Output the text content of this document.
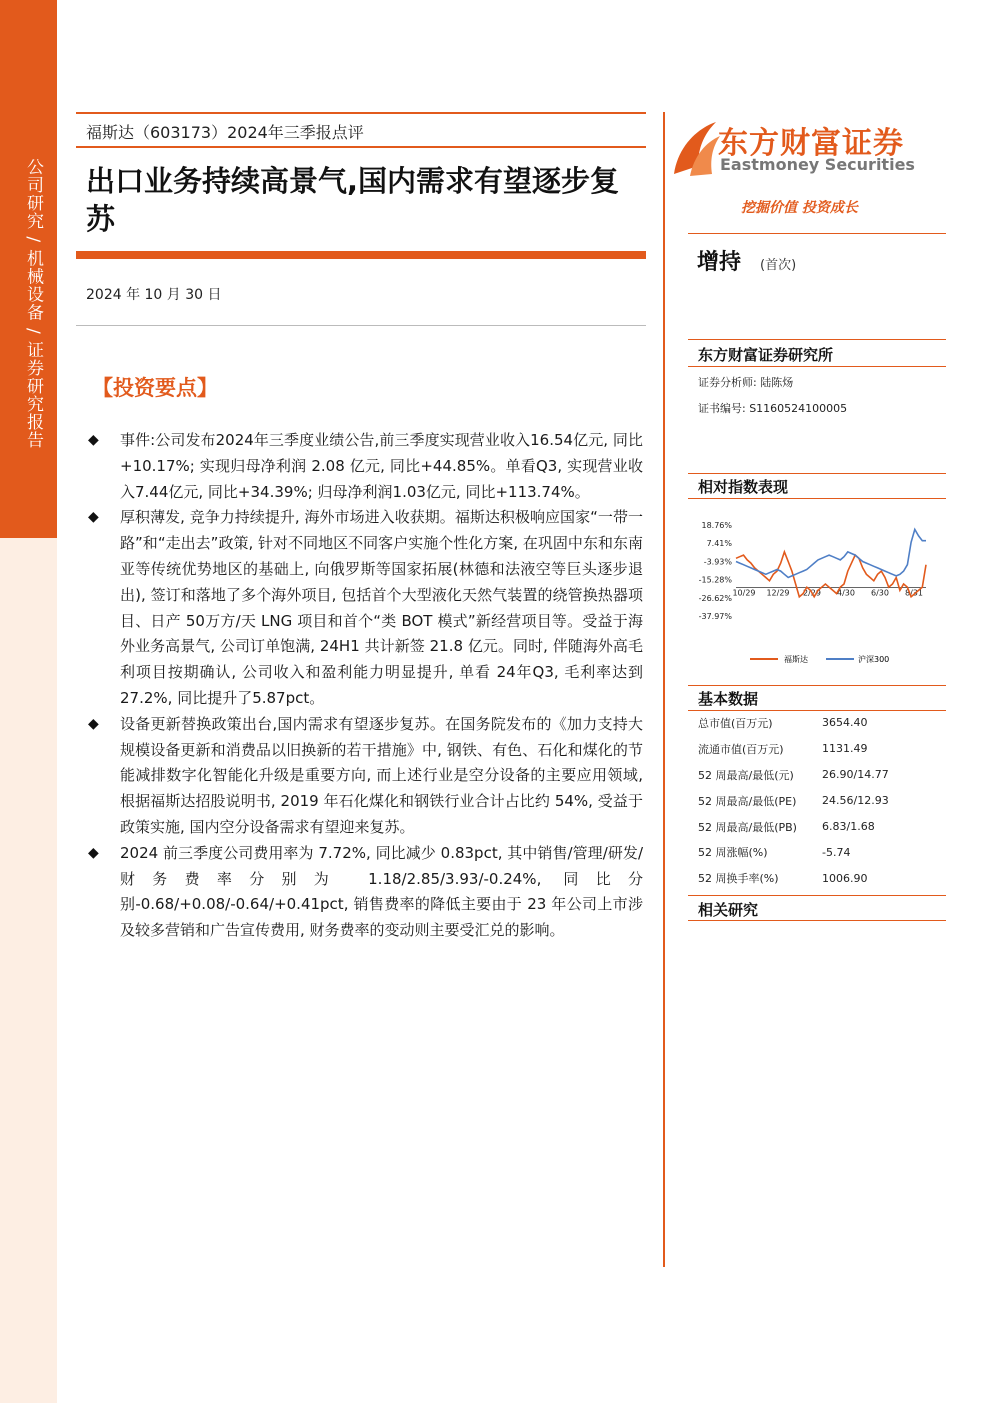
公司研究 / 机械设备 / 证券研究报告
福斯达（603173）2024年三季报点评
出口业务持续高景气,国内需求有望逐步复苏
2024 年 10 月 30 日
【投资要点】
◆ 事件:公司发布2024年三季度业绩公告,前三季度实现营业收入16.54亿元, 同比+10.17%; 实现归母净利润 2.08 亿元, 同比+44.85%。单看Q3, 实现营业收入7.44亿元, 同比+34.39%; 归母净利润1.03亿元, 同比+113.74%。
◆ 厚积薄发, 竞争力持续提升, 海外市场进入收获期。福斯达积极响应国家“一带一路”和“走出去”政策, 针对不同地区不同客户实施个性化方案, 在巩固中东和东南亚等传统优势地区的基础上, 向俄罗斯等国家拓展(林德和法液空等巨头逐步退出), 签订和落地了多个海外项目, 包括首个大型液化天然气装置的绕管换热器项目、日产 50万方/天 LNG 项目和首个“类 BOT 模式”新经营项目等。受益于海外业务高景气, 公司订单饱满, 24H1 共计新签 21.8 亿元。同时, 伴随海外高毛利项目按期确认, 公司收入和盈利能力明显提升, 单看 24年Q3, 毛利率达到27.2%, 同比提升了5.87pct。
◆ 设备更新替换政策出台,国内需求有望逐步复苏。在国务院发布的《加力支持大规模设备更新和消费品以旧换新的若干措施》中, 钢铁、有色、石化和煤化的节能减排数字化智能化升级是重要方向, 而上述行业是空分设备的主要应用领域, 根据福斯达招股说明书, 2019 年石化煤化和钢铁行业合计占比约 54%, 受益于政策实施, 国内空分设备需求有望迎来复苏。
◆ 2024 前三季度公司费用率为 7.72%, 同比减少 0.83pct, 其中销售/管理/研发/财务费率分别为 1.18/2.85/3.93/-0.24%, 同比分别-0.68/+0.08/-0.64/+0.41pct, 销售费率的降低主要由于 23 年公司上市涉及较多营销和广告宣传费用, 财务费率的变动则主要受汇兑的影响。
东方财富证券
Eastmoney Securities
挖掘价值 投资成长
增持 (首次)
东方财富证券研究所
证券分析师: 陆陈炀
证书编号: S1160524100005
相对指数表现
18.76%
7.41%
-3.93%
-15.28%
-26.62%
-37.97%
10/29 12/29 2/29 4/30 6/30 8/31
福斯达	沪深300
基本数据
总市值(百万元)	3654.40
流通市值(百万元)	1131.49
52 周最高/最低(元)	26.90/14.77
52 周最高/最低(PE)	24.56/12.93
52 周最高/最低(PB)	6.83/1.68
52 周涨幅(%)	-5.74
52 周换手率(%)	1006.90
相关研究
